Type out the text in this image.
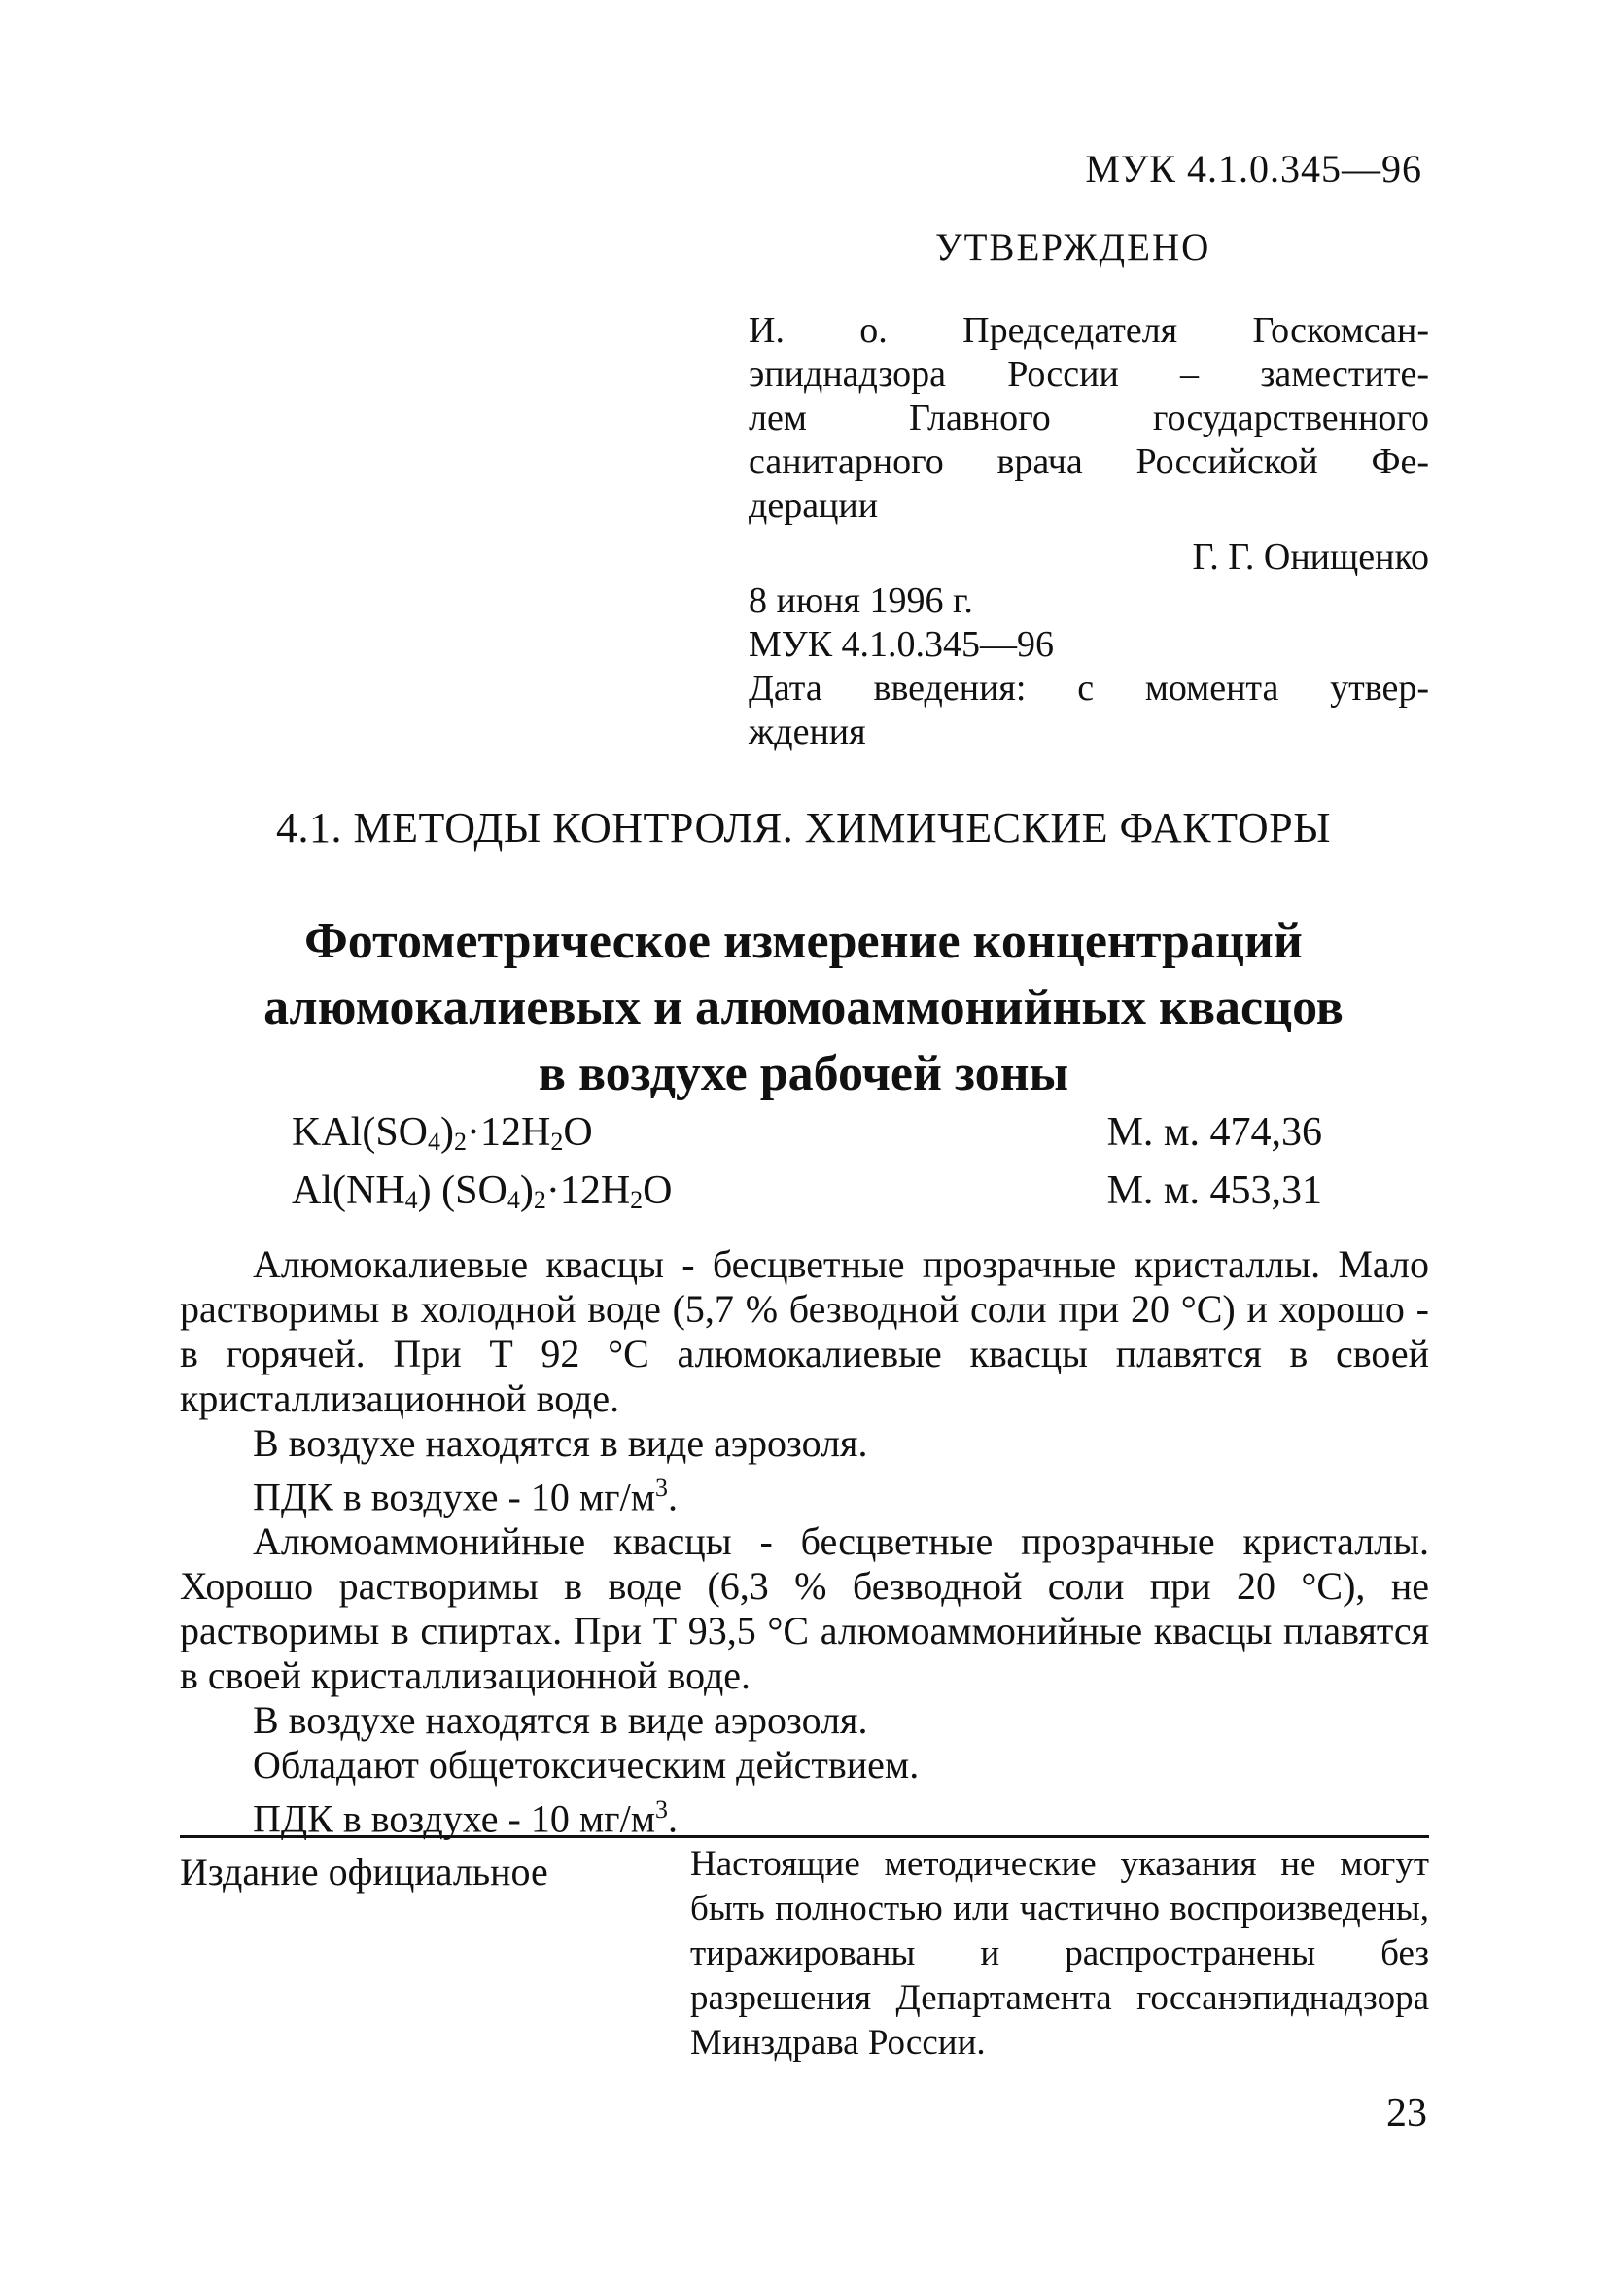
МУК 4.1.0.345—96
УТВЕРЖДЕНО
И. о. Председателя Госкомсан-
эпиднадзора России – заместите-
лем Главного государственного
санитарного врача Российской Фе-
дерации
Г. Г. Онищенко
8 июня 1996 г.
МУК 4.1.0.345—96
Дата введения: с момента утвер-
ждения
4.1. МЕТОДЫ КОНТРОЛЯ. ХИМИЧЕСКИЕ ФАКТОРЫ
Фотометрическое измерение концентраций
алюмокалиевых и алюмоаммонийных квасцов
в воздухе рабочей зоны
$KAl(SO_4)_2\cdot 12H_2O$	М. м. 474,36
$Al(NH_4)$ $(SO_4)_2\cdot 12H_2O$	М. м. 453,31

Алюмокалиевые квасцы - бесцветные прозрачные кристаллы. Мало растворимы в холодной воде (5,7 % безводной соли при 20 °C) и хорошо - в горячей. При Т 92 °C алюмокалиевые квасцы плавятся в своей кристаллизационной воде.

В воздухе находятся в виде аэрозоля.

ПДК в воздухе - 10 $мг/м^3$.

Алюмоаммонийные квасцы - бесцветные прозрачные кристаллы. Хорошо растворимы в воде (6,3 % безводной соли при 20 °C), не растворимы в спиртах. При Т 93,5 °C алюмоаммонийные квасцы плавятся в своей кристаллизационной воде.

В воздухе находятся в виде аэрозоля.

Обладают общетоксическим действием.

ПДК в воздухе - 10 $мг/м^3$.

Издание официальное	Настоящие методические указания не могут быть полностью или частично воспроизведены, тиражированы и распространены без разрешения Департамента госсанэпиднадзора Минздрава России.
23
